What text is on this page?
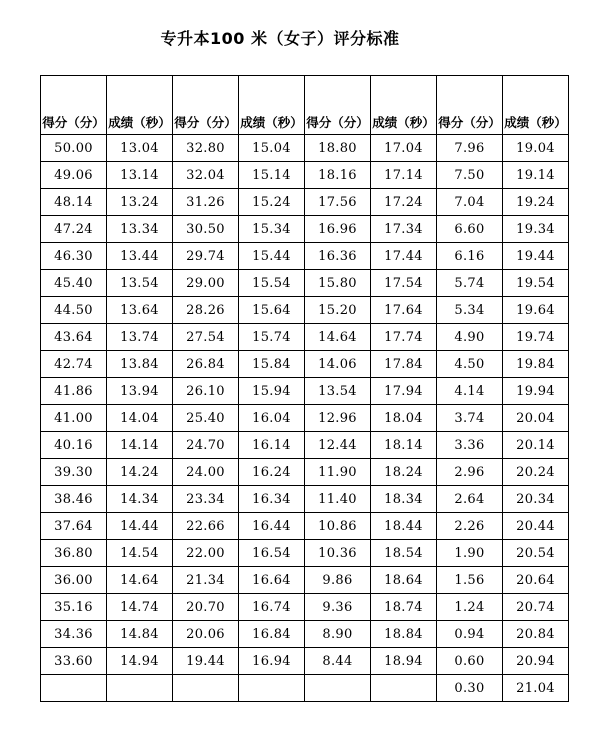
专升本100 米（女子）评分标准
得分（分）	成绩（秒）	得分（分）	成绩（秒）	得分（分）	成绩（秒）	得分（分）	成绩（秒）
50.00	13.04	32.80	15.04	18.80	17.04	7.96	19.04
49.06	13.14	32.04	15.14	18.16	17.14	7.50	19.14
48.14	13.24	31.26	15.24	17.56	17.24	7.04	19.24
47.24	13.34	30.50	15.34	16.96	17.34	6.60	19.34
46.30	13.44	29.74	15.44	16.36	17.44	6.16	19.44
45.40	13.54	29.00	15.54	15.80	17.54	5.74	19.54
44.50	13.64	28.26	15.64	15.20	17.64	5.34	19.64
43.64	13.74	27.54	15.74	14.64	17.74	4.90	19.74
42.74	13.84	26.84	15.84	14.06	17.84	4.50	19.84
41.86	13.94	26.10	15.94	13.54	17.94	4.14	19.94
41.00	14.04	25.40	16.04	12.96	18.04	3.74	20.04
40.16	14.14	24.70	16.14	12.44	18.14	3.36	20.14
39.30	14.24	24.00	16.24	11.90	18.24	2.96	20.24
38.46	14.34	23.34	16.34	11.40	18.34	2.64	20.34
37.64	14.44	22.66	16.44	10.86	18.44	2.26	20.44
36.80	14.54	22.00	16.54	10.36	18.54	1.90	20.54
36.00	14.64	21.34	16.64	9.86	18.64	1.56	20.64
35.16	14.74	20.70	16.74	9.36	18.74	1.24	20.74
34.36	14.84	20.06	16.84	8.90	18.84	0.94	20.84
33.60	14.94	19.44	16.94	8.44	18.94	0.60	20.94
						0.30	21.04
